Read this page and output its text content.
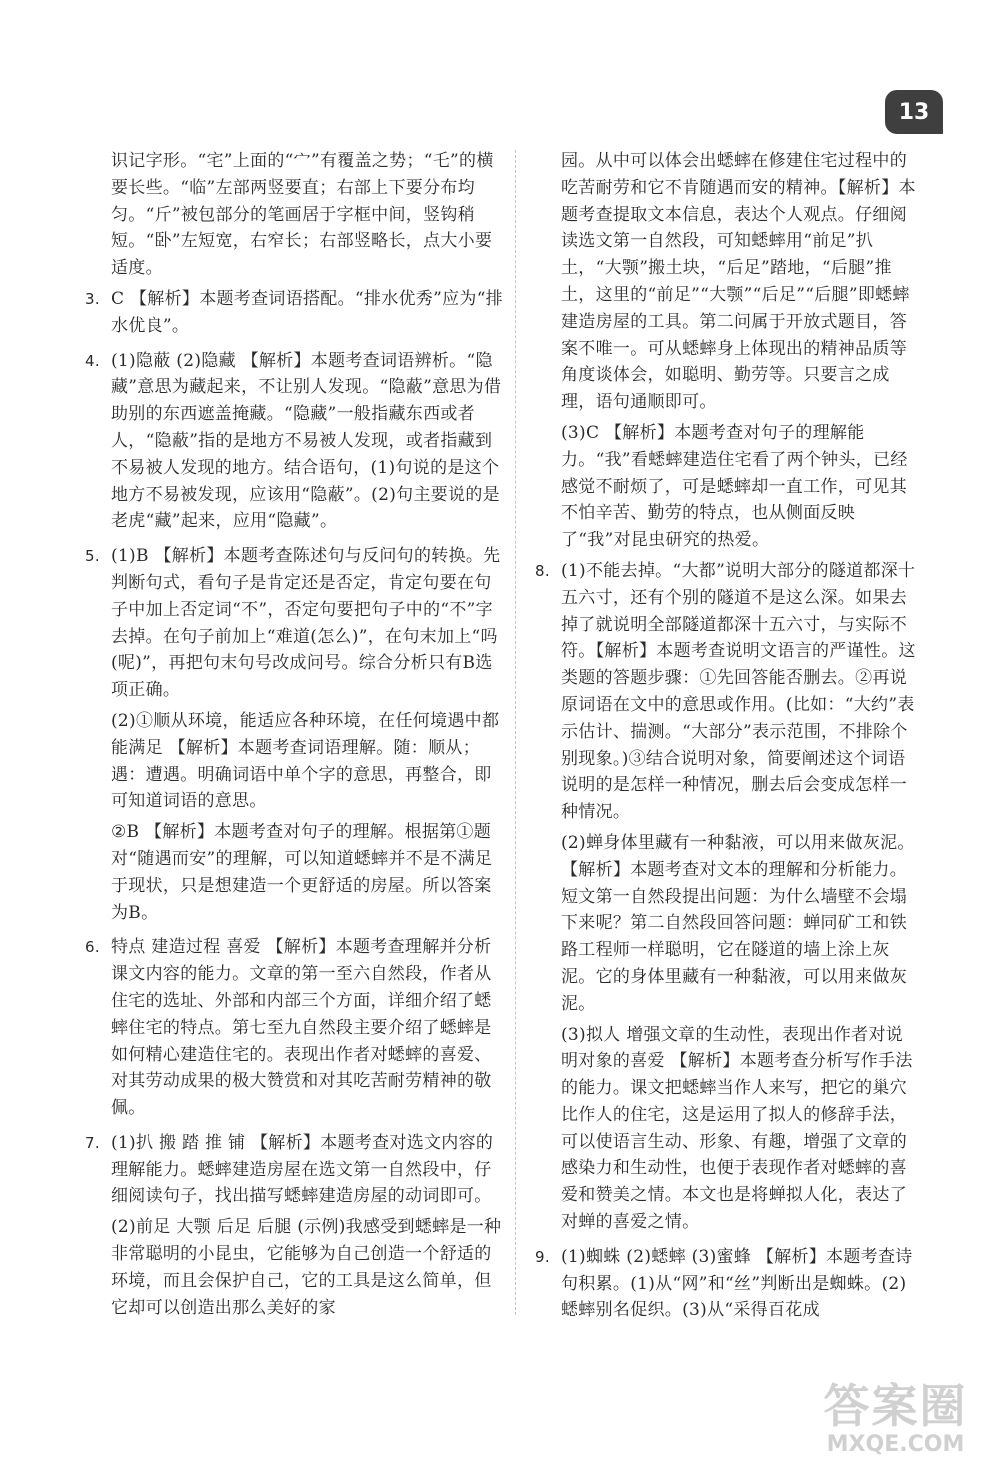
13

识记字形。“宅”上面的“宀”有覆盖之势；“乇”的横要长些。“临”左部两竖要直；右部上下要分布均匀。“斤”被包部分的笔画居于字框中间，竖钩稍短。“卧”左短宽，右窄长；右部竖略长，点大小要适度。

3. C 【解析】本题考查词语搭配。“排水优秀”应为“排水优良”。

4. (1)隐蔽 (2)隐藏 【解析】本题考查词语辨析。“隐藏”意思为藏起来，不让别人发现。“隐蔽”意思为借助别的东西遮盖掩藏。“隐藏”一般指藏东西或者人，“隐蔽”指的是地方不易被人发现，或者指藏到不易被人发现的地方。结合语句，(1)句说的是这个地方不易被发现，应该用“隐蔽”。(2)句主要说的是老虎“藏”起来，应用“隐藏”。

5. (1)B 【解析】本题考查陈述句与反问句的转换。先判断句式，看句子是肯定还是否定，肯定句要在句子中加上否定词“不”，否定句要把句子中的“不”字去掉。在句子前加上“难道(怎么)”，在句末加上“吗(呢)”，再把句末句号改成问号。综合分析只有B选项正确。

(2)①顺从环境，能适应各种环境，在任何境遇中都能满足 【解析】本题考查词语理解。随：顺从；遇：遭遇。明确词语中单个字的意思，再整合，即可知道词语的意思。

②B 【解析】本题考查对句子的理解。根据第①题对“随遇而安”的理解，可以知道蟋蟀并不是不满足于现状，只是想建造一个更舒适的房屋。所以答案为B。

6. 特点 建造过程 喜爱 【解析】本题考查理解并分析课文内容的能力。文章的第一至六自然段，作者从住宅的选址、外部和内部三个方面，详细介绍了蟋蟀住宅的特点。第七至九自然段主要介绍了蟋蟀是如何精心建造住宅的。表现出作者对蟋蟀的喜爱、对其劳动成果的极大赞赏和对其吃苦耐劳精神的敬佩。

7. (1)扒 搬 踏 推 铺 【解析】本题考查对选文内容的理解能力。蟋蟀建造房屋在选文第一自然段中，仔细阅读句子，找出描写蟋蟀建造房屋的动词即可。

(2)前足 大颚 后足 后腿 (示例)我感受到蟋蟀是一种非常聪明的小昆虫，它能够为自己创造一个舒适的环境，而且会保护自己，它的工具是这么简单，但它却可以创造出那么美好的家

园。从中可以体会出蟋蟀在修建住宅过程中的吃苦耐劳和它不肯随遇而安的精神。【解析】本题考查提取文本信息，表达个人观点。仔细阅读选文第一自然段，可知蟋蟀用“前足”扒土，“大颚”搬土块，“后足”踏地，“后腿”推土，这里的“前足”“大颚”“后足”“后腿”即蟋蟀建造房屋的工具。第二问属于开放式题目，答案不唯一。可从蟋蟀身上体现出的精神品质等角度谈体会，如聪明、勤劳等。只要言之成理，语句通顺即可。

(3)C 【解析】本题考查对句子的理解能力。“我”看蟋蟀建造住宅看了两个钟头，已经感觉不耐烦了，可是蟋蟀却一直工作，可见其不怕辛苦、勤劳的特点，也从侧面反映了“我”对昆虫研究的热爱。

8. (1)不能去掉。“大都”说明大部分的隧道都深十五六寸，还有个别的隧道不是这么深。如果去掉了就说明全部隧道都深十五六寸，与实际不符。【解析】本题考查说明文语言的严谨性。这类题的答题步骤：①先回答能否删去。②再说原词语在文中的意思或作用。(比如：“大约”表示估计、揣测。“大部分”表示范围，不排除个别现象。)③结合说明对象，简要阐述这个词语说明的是怎样一种情况，删去后会变成怎样一种情况。

(2)蝉身体里藏有一种黏液，可以用来做灰泥。【解析】本题考查对文本的理解和分析能力。短文第一自然段提出问题：为什么墙壁不会塌下来呢？第二自然段回答问题：蝉同矿工和铁路工程师一样聪明，它在隧道的墙上涂上灰泥。它的身体里藏有一种黏液，可以用来做灰泥。

(3)拟人 增强文章的生动性，表现出作者对说明对象的喜爱 【解析】本题考查分析写作手法的能力。课文把蟋蟀当作人来写，把它的巢穴比作人的住宅，这是运用了拟人的修辞手法，可以使语言生动、形象、有趣，增强了文章的感染力和生动性，也便于表现作者对蟋蟀的喜爱和赞美之情。本文也是将蝉拟人化，表达了对蝉的喜爱之情。

9. (1)蜘蛛 (2)蟋蟀 (3)蜜蜂 【解析】本题考查诗句积累。(1)从“网”和“丝”判断出是蜘蛛。(2)蟋蟀别名促织。(3)从“采得百花成

答案圈
MXQE.COM
